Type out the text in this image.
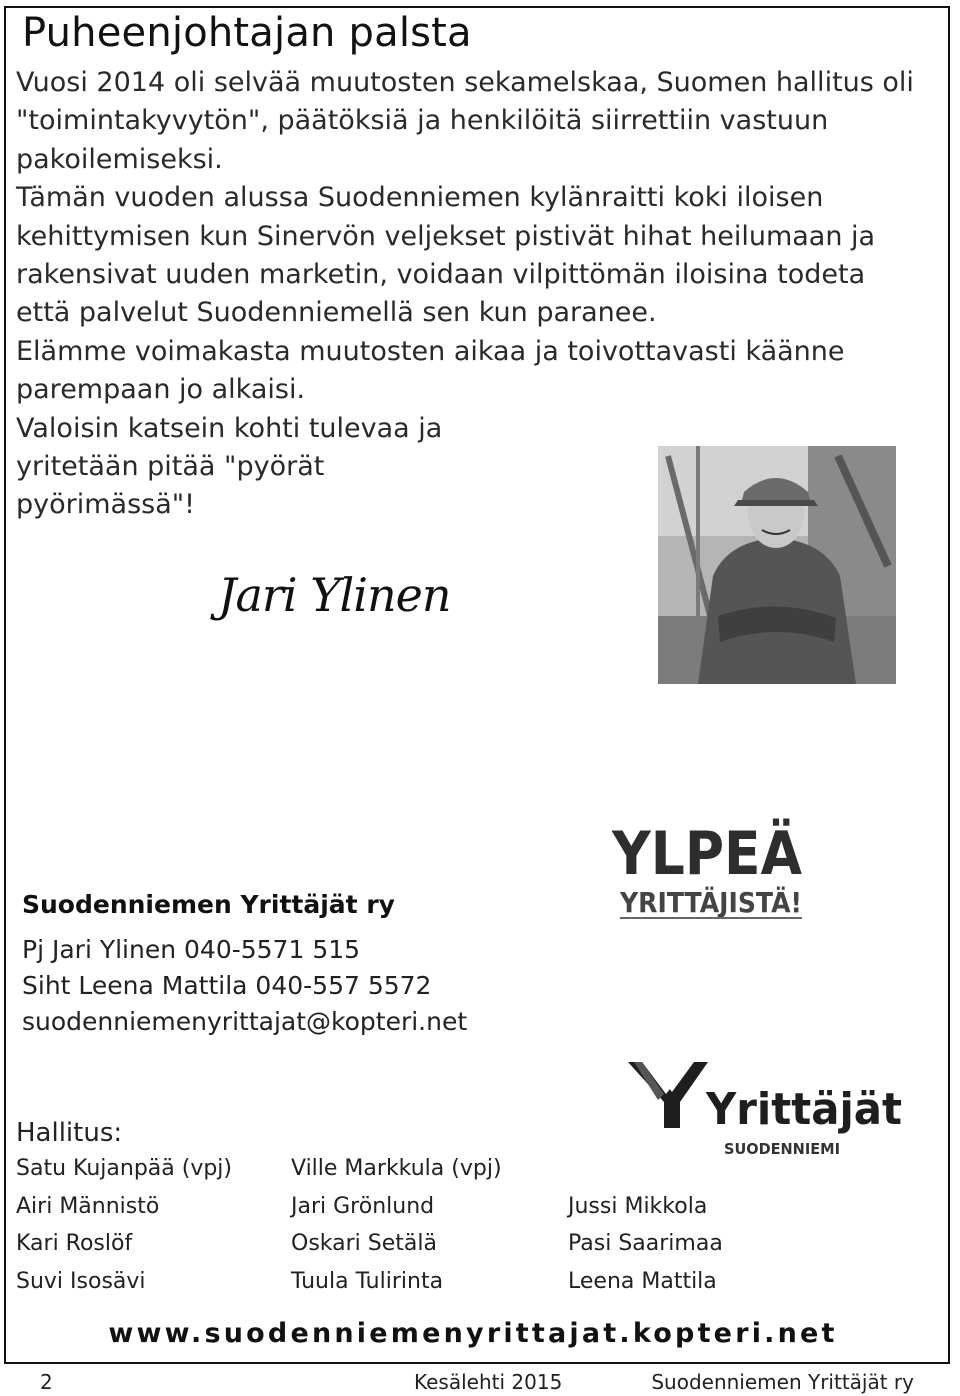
Puheenjohtajan palsta

Vuosi 2014 oli selvää muutosten sekamelskaa, Suomen hallitus oli "toimintakyvytön", päätöksiä ja henkilöitä siirrettiin vastuun pakoilemiseksi.

Tämän vuoden alussa Suodenniemen kylänraitti koki iloisen kehittymisen kun Sinervön veljekset pistivät hihat heilumaan ja rakensivat uuden marketin, voidaan vilpittömän iloisina todeta että palvelut Suodenniemellä sen kun paranee.

Elämme voimakasta muutosten aikaa ja toivottavasti käänne parempaan jo alkaisi.

Valoisin katsein kohti tulevaa ja yritetään pitää "pyörät pyörimässä"!

Jari Ylinen
YLPEÄ
YRITTÄJISTÄ!
Suodenniemen Yrittäjät ry
Pj Jari Ylinen 040-5571 515
Siht Leena Mattila 040-557 5572
suodenniemenyrittajat@kopteri.net
Yrittäjät
SUODENNIEMI
Hallitus:
Satu Kujanpää (vpj)	Ville Markkula (vpj)
Airi Männistö	Jari Grönlund	Jussi Mikkola
Kari Roslöf	Oskari Setälä	Pasi Saarimaa
Suvi Isosävi	Tuula Tulirinta	Leena Mattila
www.suodenniemenyrittajat.kopteri.net
2	Kesälehti 2015	Suodenniemen Yrittäjät ry
